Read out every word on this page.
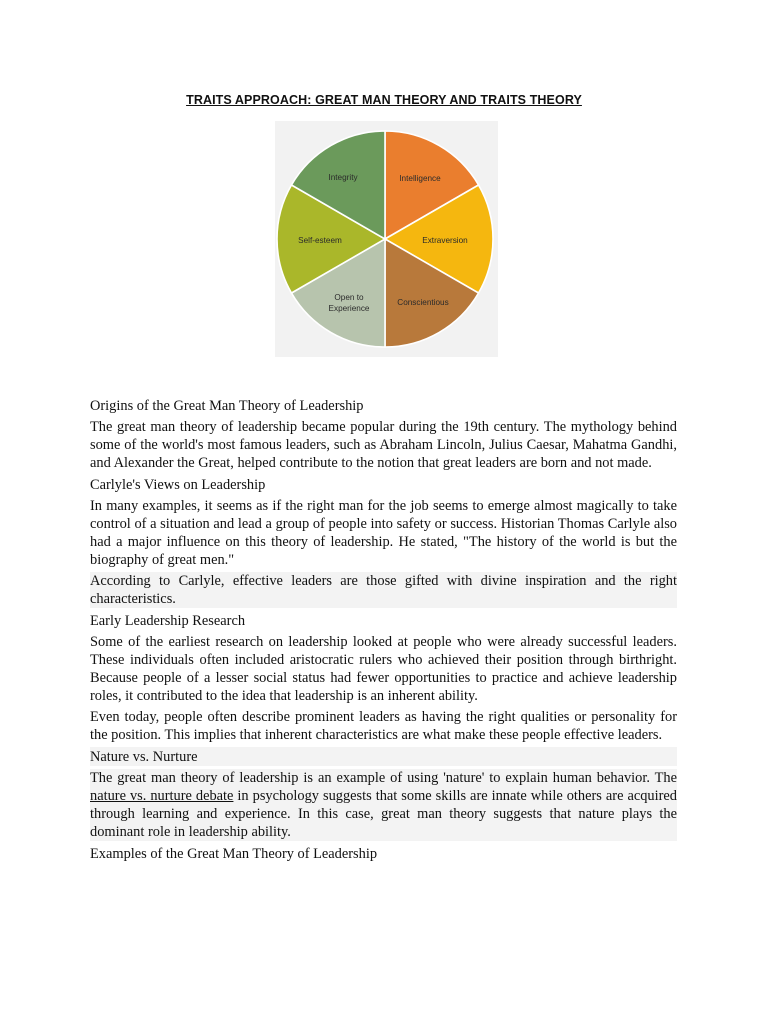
TRAITS APPROACH: GREAT MAN THEORY AND TRAITS THEORY
Integrity	Intelligence
Extraversion
Conscientious
Open to
Experience
Self-esteem

Origins of the Great Man Theory of Leadership

The great man theory of leadership became popular during the 19th century. The mythology behind some of the world's most famous leaders, such as Abraham Lincoln, Julius Caesar, Mahatma Gandhi, and Alexander the Great, helped contribute to the notion that great leaders are born and not made.

Carlyle's Views on Leadership

In many examples, it seems as if the right man for the job seems to emerge almost magically to take control of a situation and lead a group of people into safety or success. Historian Thomas Carlyle also had a major influence on this theory of leadership. He stated, "The history of the world is but the biography of great men."

According to Carlyle, effective leaders are those gifted with divine inspiration and the right characteristics.

Early Leadership Research

Some of the earliest research on leadership looked at people who were already successful leaders. These individuals often included aristocratic rulers who achieved their position through birthright. Because people of a lesser social status had fewer opportunities to practice and achieve leadership roles, it contributed to the idea that leadership is an inherent ability.

Even today, people often describe prominent leaders as having the right qualities or personality for the position. This implies that inherent characteristics are what make these people effective leaders.

Nature vs. Nurture

The great man theory of leadership is an example of using 'nature' to explain human behavior. The nature vs. nurture debate in psychology suggests that some skills are innate while others are acquired through learning and experience. In this case, great man theory suggests that nature plays the dominant role in leadership ability.

Examples of the Great Man Theory of Leadership
